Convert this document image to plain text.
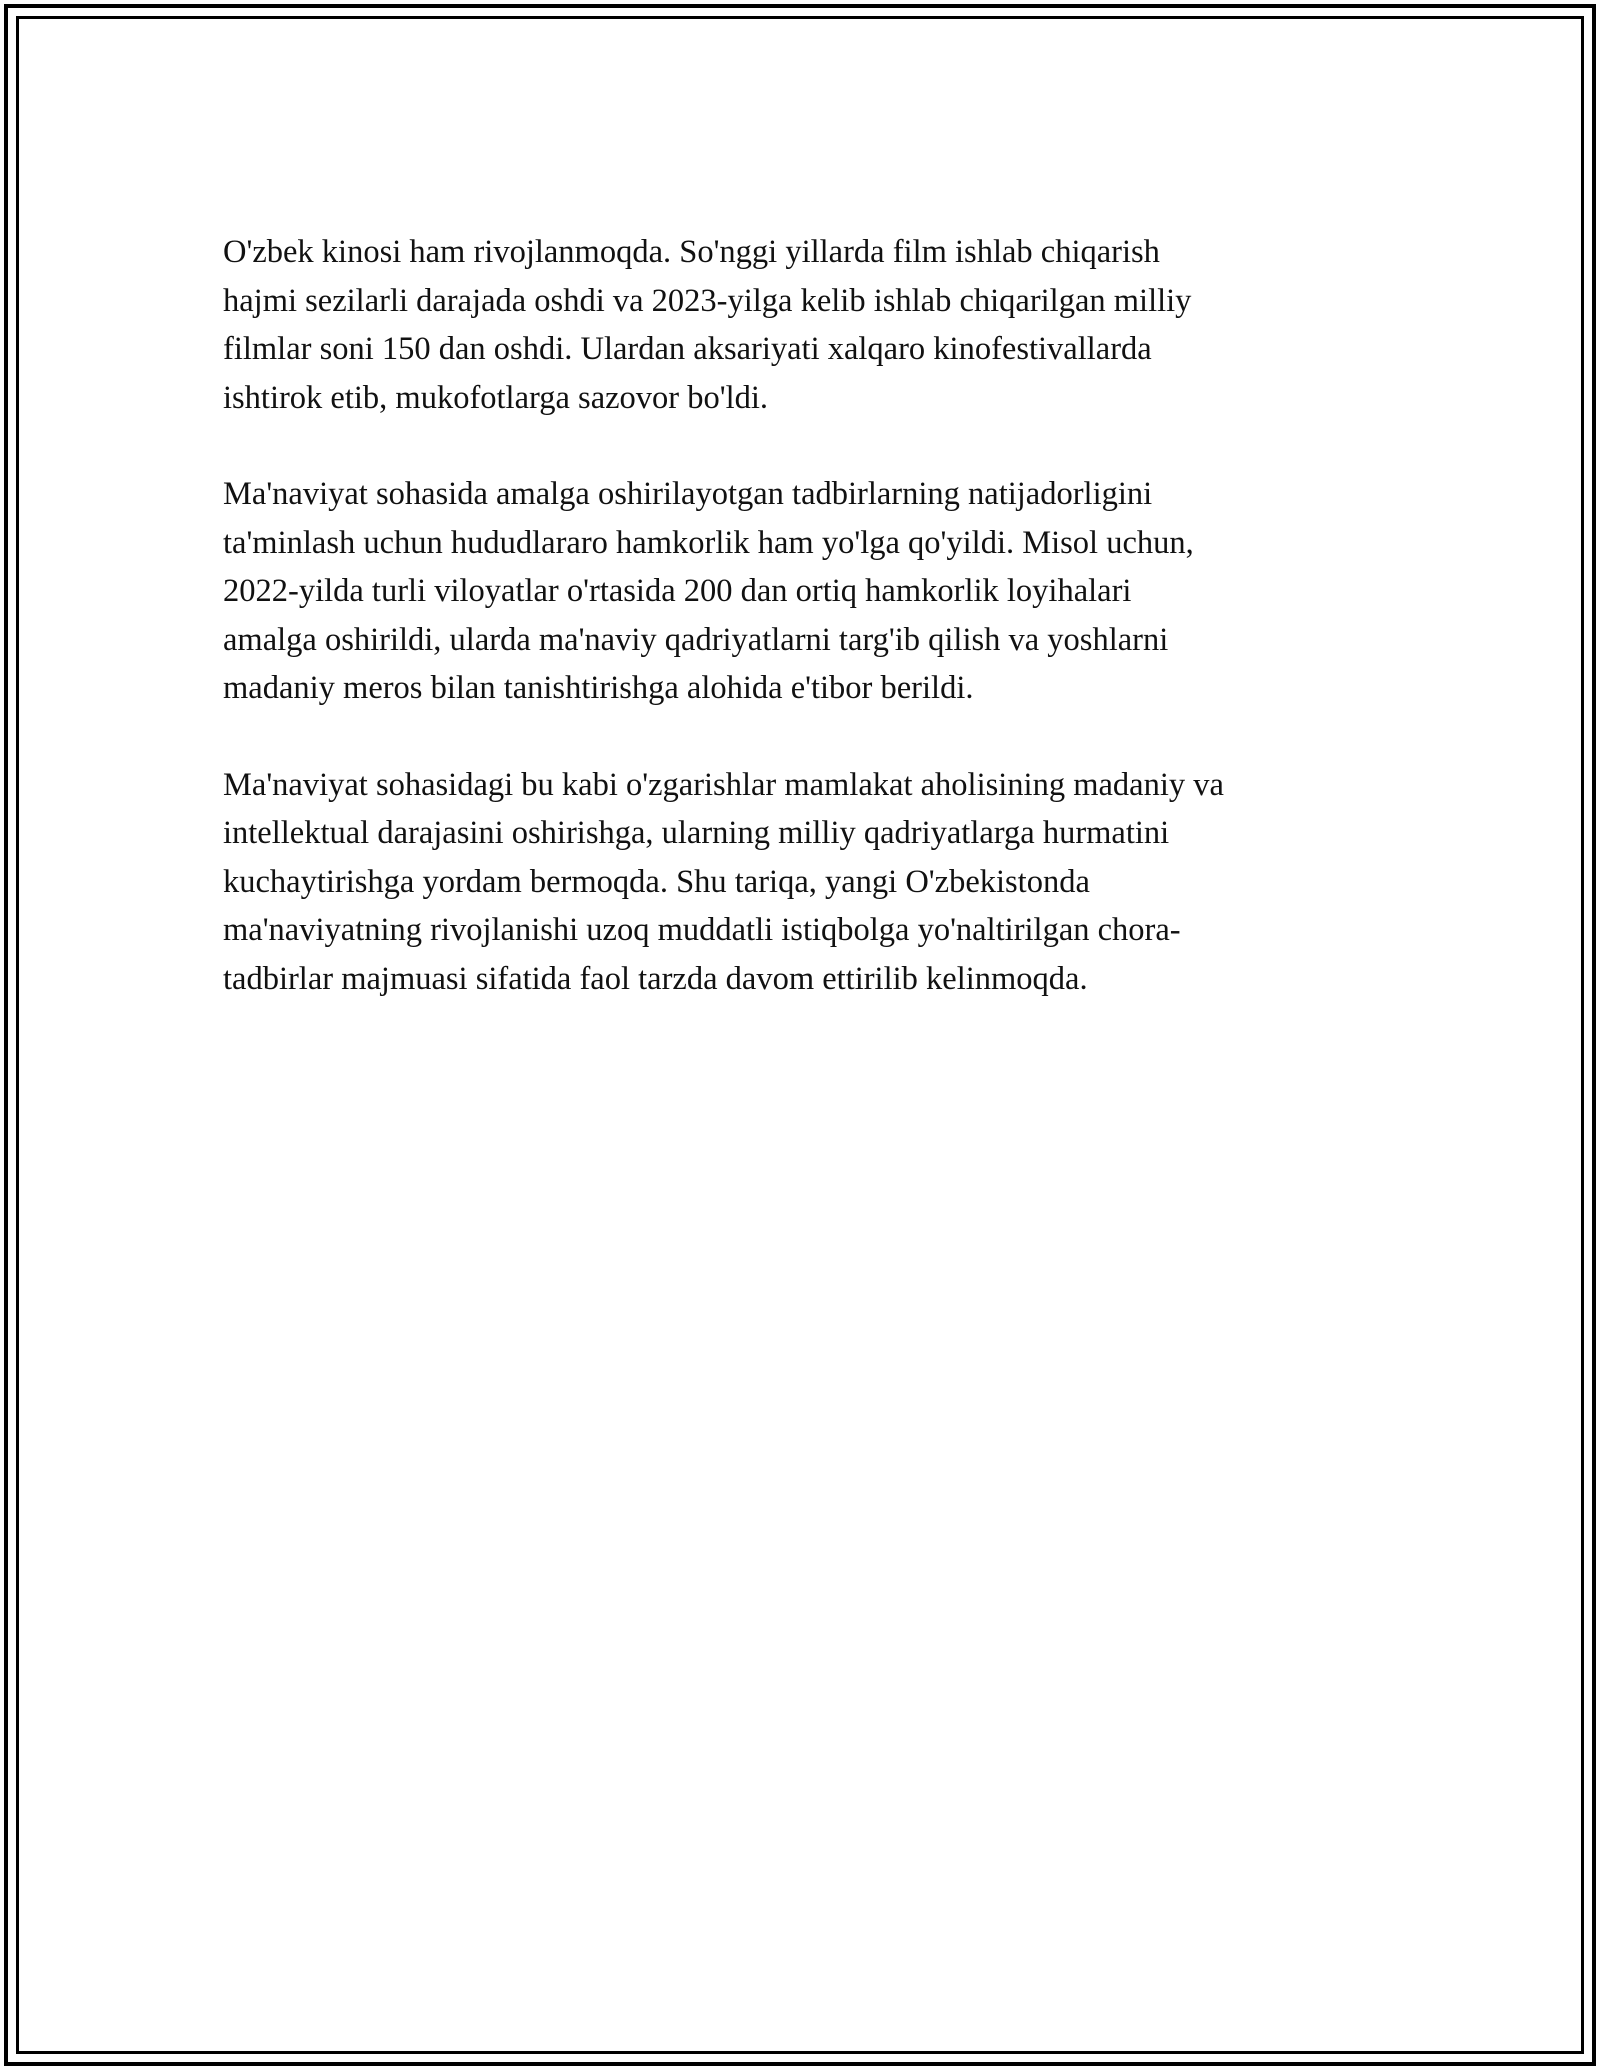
O'zbek kinosi ham rivojlanmoqda. So'nggi yillarda film ishlab chiqarish
hajmi sezilarli darajada oshdi va 2023-yilga kelib ishlab chiqarilgan milliy
filmlar soni 150 dan oshdi. Ulardan aksariyati xalqaro kinofestivallarda
ishtirok etib, mukofotlarga sazovor bo'ldi.

Ma'naviyat sohasida amalga oshirilayotgan tadbirlarning natijadorligini
ta'minlash uchun hududlararo hamkorlik ham yo'lga qo'yildi. Misol uchun,
2022-yilda turli viloyatlar o'rtasida 200 dan ortiq hamkorlik loyihalari
amalga oshirildi, ularda ma'naviy qadriyatlarni targ'ib qilish va yoshlarni
madaniy meros bilan tanishtirishga alohida e'tibor berildi.

Ma'naviyat sohasidagi bu kabi o'zgarishlar mamlakat aholisining madaniy va
intellektual darajasini oshirishga, ularning milliy qadriyatlarga hurmatini
kuchaytirishga yordam bermoqda. Shu tariqa, yangi O'zbekistonda
ma'naviyatning rivojlanishi uzoq muddatli istiqbolga yo'naltirilgan chora-
tadbirlar majmuasi sifatida faol tarzda davom ettirilib kelinmoqda.
